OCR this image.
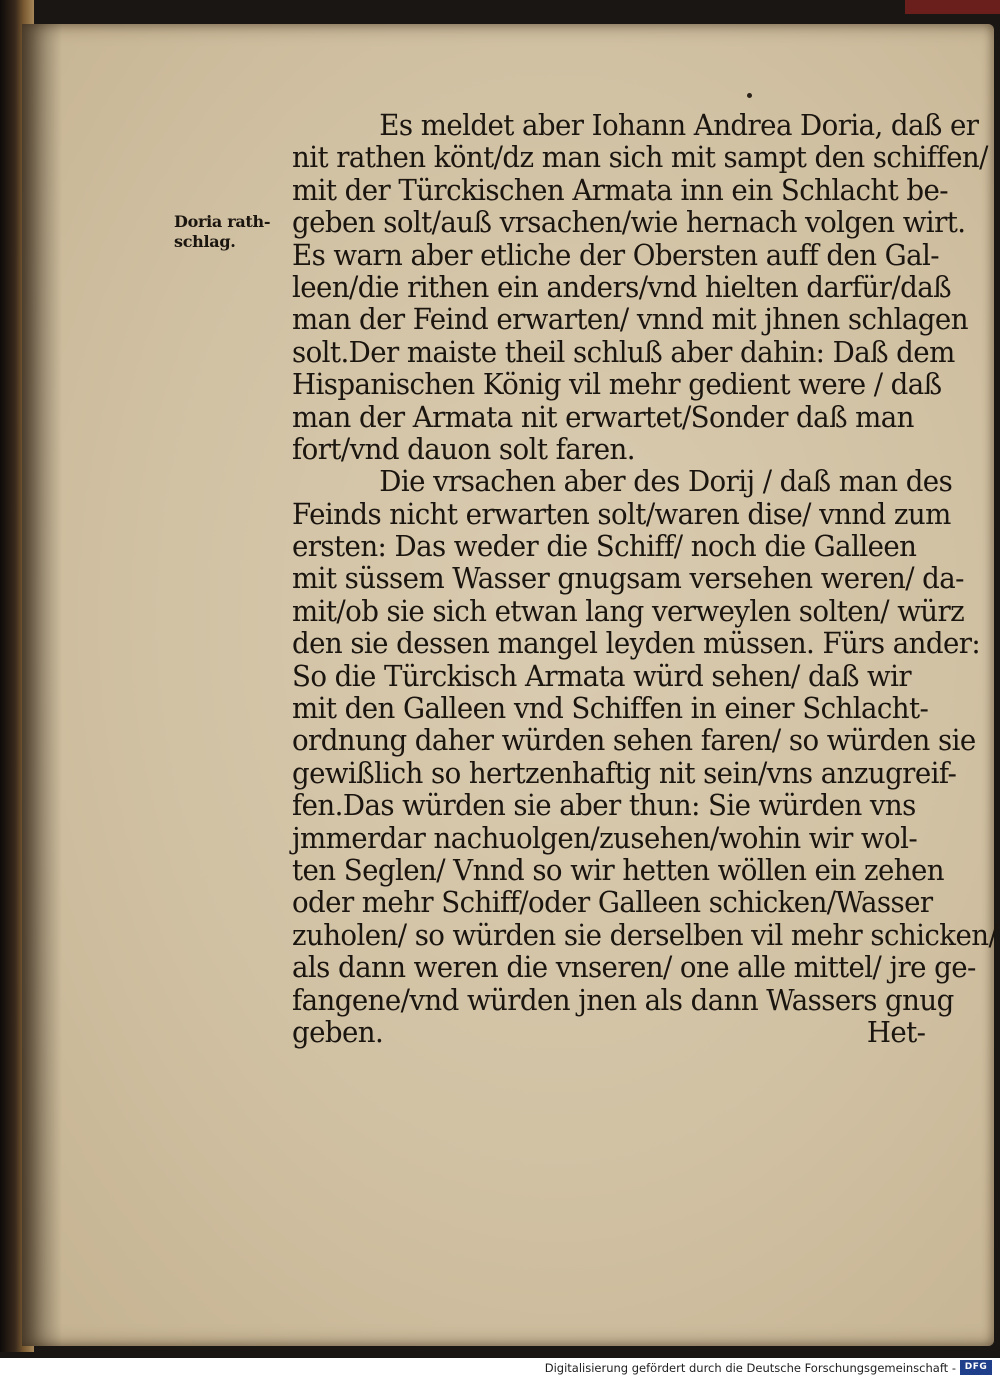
Doria rath-
schlag.
Es meldet aber Iohann Andrea Doria, daß er
nit rathen könt/dz man sich mit sampt den schiffen/
mit der Türckischen Armata inn ein Schlacht be-
geben solt/auß vrsachen/wie hernach volgen wirt.
Es warn aber etliche der Obersten auff den Gal-
leen/die rithen ein anders/vnd hielten darfür/daß
man der Feind erwarten/ vnnd mit jhnen schlagen
solt.Der maiste theil schluß aber dahin: Daß dem
Hispanischen König vil mehr gedient were / daß
man der Armata nit erwartet/Sonder daß man
fort/vnd dauon solt faren.
Die vrsachen aber des Dorij / daß man des
Feinds nicht erwarten solt/waren dise/ vnnd zum
ersten: Das weder die Schiff/ noch die Galleen
mit süssem Wasser gnugsam versehen weren/ da-
mit/ob sie sich etwan lang verweylen solten/ würz
den sie dessen mangel leyden müssen. Fürs ander:
So die Türckisch Armata würd sehen/ daß wir
mit den Galleen vnd Schiffen in einer Schlacht-
ordnung daher würden sehen faren/ so würden sie
gewißlich so hertzenhaftig nit sein/vns anzugreif-
fen.Das würden sie aber thun: Sie würden vns
jmmerdar nachuolgen/zusehen/wohin wir wol-
ten Seglen/ Vnnd so wir hetten wöllen ein zehen
oder mehr Schiff/oder Galleen schicken/Wasser
zuholen/ so würden sie derselben vil mehr schicken/
als dann weren die vnseren/ one alle mittel/ jre ge-
fangene/vnd würden jnen als dann Wassers gnug
geben.	Het-
Digitalisierung gefördert durch die Deutsche Forschungsgemeinschaft - DFG
